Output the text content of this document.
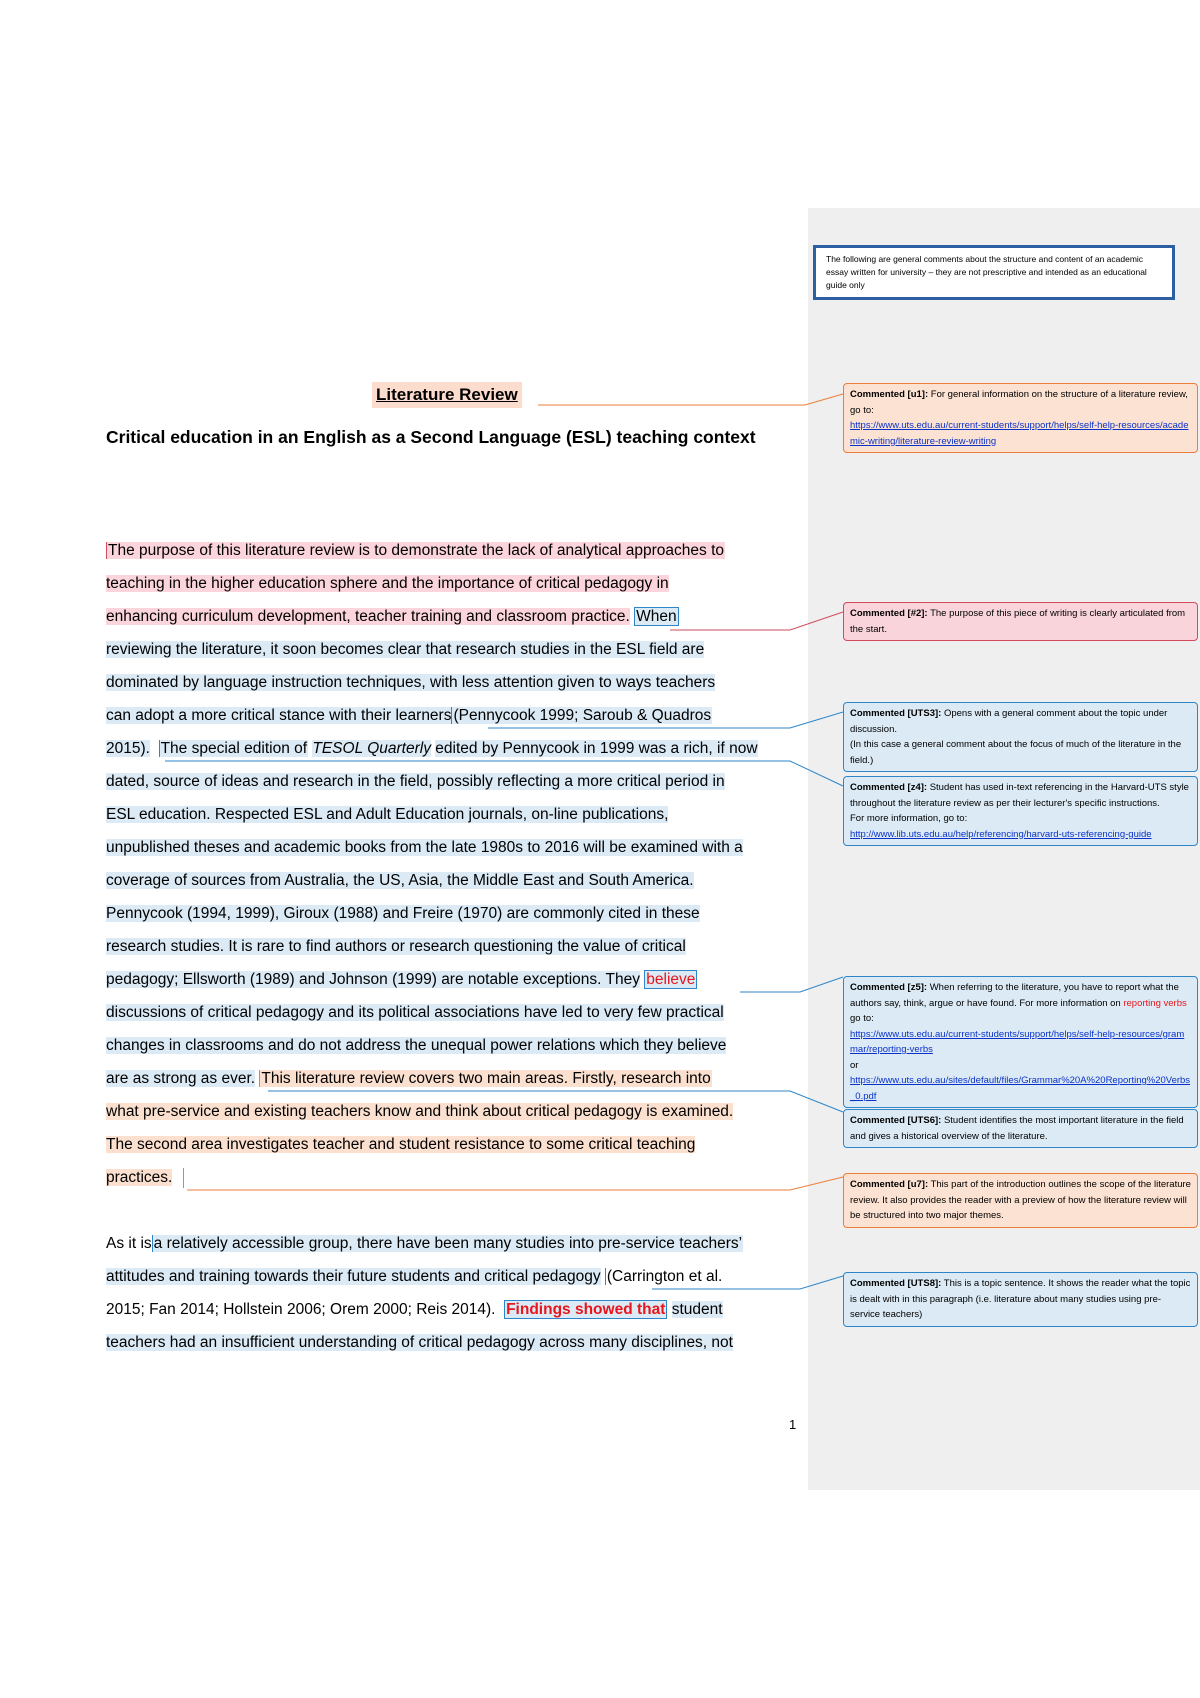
The following are general comments about the structure and content of an academic essay written for university – they are not prescriptive and intended as an educational guide only
Literature Review
Critical education in an English as a Second Language (ESL) teaching context
The purpose of this literature review is to demonstrate the lack of analytical approaches to
teaching in the higher education sphere and the importance of critical pedagogy in
enhancing curriculum development, teacher training and classroom practice. When
reviewing the literature, it soon becomes clear that research studies in the ESL field are
dominated by language instruction techniques, with less attention given to ways teachers
can adopt a more critical stance with their learners (Pennycook 1999; Saroub & Quadros
2015). The special edition of TESOL Quarterly edited by Pennycook in 1999 was a rich, if now
dated, source of ideas and research in the field, possibly reflecting a more critical period in
ESL education. Respected ESL and Adult Education journals, on-line publications,
unpublished theses and academic books from the late 1980s to 2016 will be examined with a
coverage of sources from Australia, the US, Asia, the Middle East and South America.
Pennycook (1994, 1999), Giroux (1988) and Freire (1970) are commonly cited in these
research studies. It is rare to find authors or research questioning the value of critical
pedagogy; Ellsworth (1989) and Johnson (1999) are notable exceptions. They believe
discussions of critical pedagogy and its political associations have led to very few practical
changes in classrooms and do not address the unequal power relations which they believe
are as strong as ever. This literature review covers two main areas. Firstly, research into
what pre-service and existing teachers know and think about critical pedagogy is examined.
The second area investigates teacher and student resistance to some critical teaching
practices.
As it is a relatively accessible group, there have been many studies into pre-service teachers’
attitudes and training towards their future students and critical pedagogy (Carrington et al.
2015; Fan 2014; Hollstein 2006; Orem 2000; Reis 2014). Findings showed that student
teachers had an insufficient understanding of critical pedagogy across many disciplines, not
1
Commented [u1]: For general information on the structure of a literature review, go to:
https://www.uts.edu.au/current-students/support/helps/self-help-resources/academic-writing/literature-review-writing
Commented [#2]: The purpose of this piece of writing is clearly articulated from the start.
Commented [UTS3]: Opens with a general comment about the topic under discussion.
(In this case a general comment about the focus of much of the literature in the field.)
Commented [z4]: Student has used in-text referencing in the Harvard-UTS style throughout the literature review as per their lecturer's specific instructions.
For more information, go to:
http://www.lib.uts.edu.au/help/referencing/harvard-uts-referencing-guide
Commented [z5]: When referring to the literature, you have to report what the authors say, think, argue or have found. For more information on reporting verbs go to:
https://www.uts.edu.au/current-students/support/helps/self-help-resources/grammar/reporting-verbs
or
https://www.uts.edu.au/sites/default/files/Grammar%20A%20Reporting%20Verbs_0.pdf
Commented [UTS6]: Student identifies the most important literature in the field and gives a historical overview of the literature.
Commented [u7]: This part of the introduction outlines the scope of the literature review. It also provides the reader with a preview of how the literature review will be structured into two major themes.
Commented [UTS8]: This is a topic sentence. It shows the reader what the topic is dealt with in this paragraph (i.e. literature about many studies using pre-service teachers)
